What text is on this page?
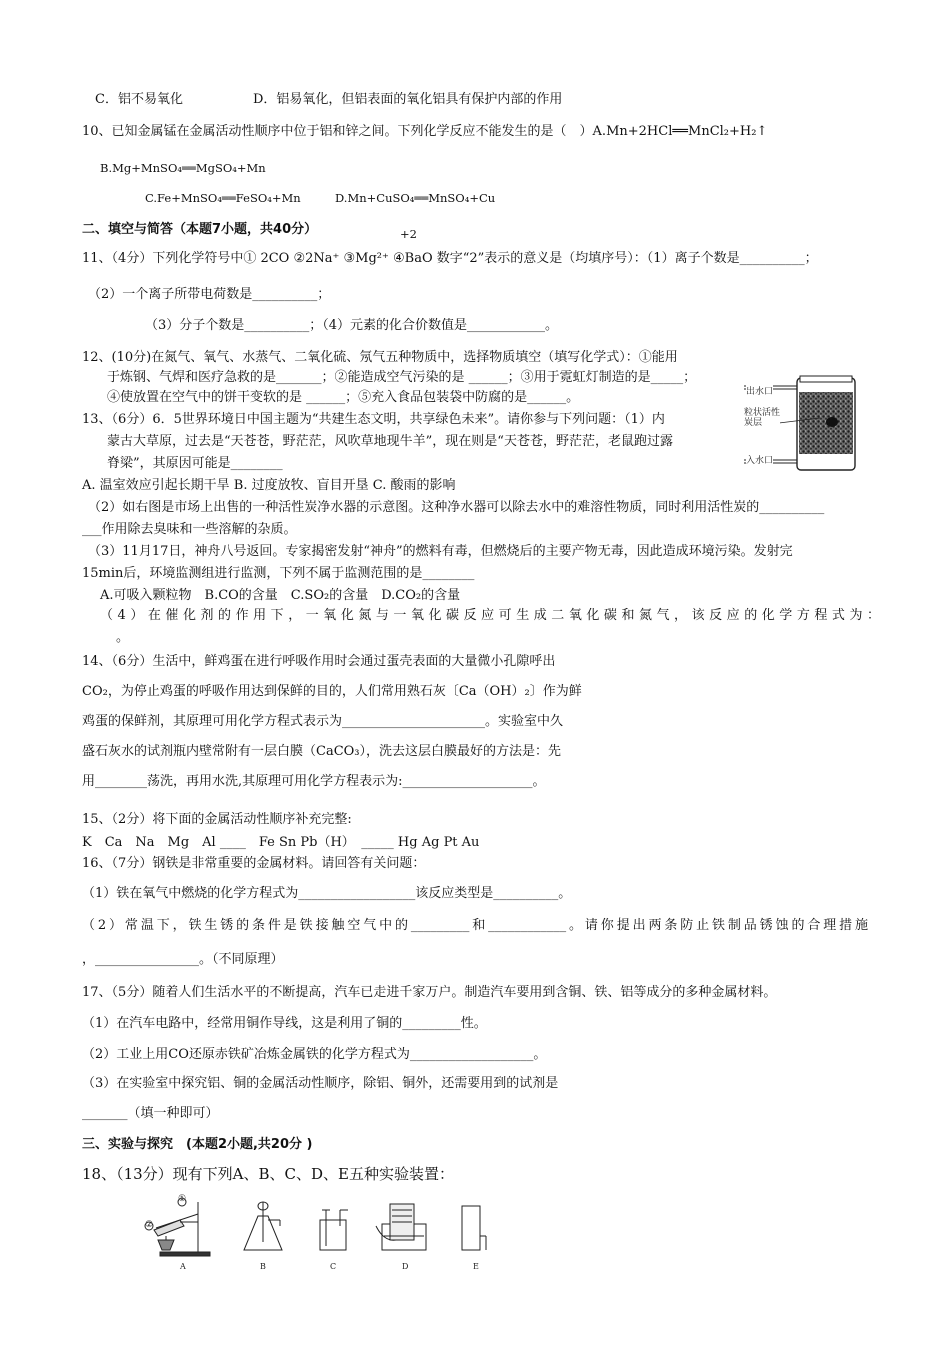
C．铝不易氧化	D．铝易氧化，但铝表面的氧化铝具有保护内部的作用
10、已知金属锰在金属活动性顺序中位于铝和锌之间。下列化学反应不能发生的是（　）A.Mn+2HCl══MnCl₂+H₂↑
B.Mg+MnSO₄══MgSO₄+Mn
C.Fe+MnSO₄══FeSO₄+Mn	D.Mn+CuSO₄══MnSO₄+Cu
二、填空与简答（本题7小题，共40分）	+2
11、（4分）下列化学符号中① 2CO ②2Na⁺ ③Mg²⁺ ④BaO 数字“2”表示的意义是（均填序号）：（1）离子个数是__________；
（2）一个离子所带电荷数是__________；
（3）分子个数是__________；（4）元素的化合价数值是____________。
12、(10分)在氮气、氧气、水蒸气、二氧化硫、氖气五种物质中，选择物质填空（填写化学式）：①能用
于炼钢、气焊和医疗急救的是_______；②能造成空气污染的是 ______；③用于霓虹灯制造的是_____；
④使放置在空气中的饼干变软的是 ______；⑤充入食品包装袋中防腐的是______。
13、（6分）6．5世界环境日中国主题为“共建生态文明，共享绿色未来”。请你参与下列问题：（1）内
蒙古大草原，过去是“天苍苍，野茫茫，风吹草地现牛羊”，现在则是“天苍苍，野茫茫，老鼠跑过露
脊梁”，其原因可能是________
A. 温室效应引起长期干旱 B. 过度放牧、盲目开垦 C. 酸雨的影响
（2）如右图是市场上出售的一种活性炭净水器的示意图。这种净水器可以除去水中的难溶性物质，同时利用活性炭的__________
___作用除去臭味和一些溶解的杂质。
（3）11月17日，神舟八号返回。专家揭密发射“神舟”的燃料有毒，但燃烧后的主要产物无毒，因此造成环境污染。发射完
15min后，环境监测组进行监测，下列不属于监测范围的是________
A.可吸入颗粒物　B.CO的含量　C.SO₂的含量　D.CO₂的含量
（4）在催化剂的作用下，一氧化氮与一氧化碳反应可生成二氧化碳和氮气，该反应的化学方程式为：
。
出水口
粒状活性炭层
入水口
14、（6分）生活中，鲜鸡蛋在进行呼吸作用时会通过蛋壳表面的大量微小孔隙呼出
CO₂，为停止鸡蛋的呼吸作用达到保鲜的目的，人们常用熟石灰〔Ca（OH）₂〕作为鲜
鸡蛋的保鲜剂，其原理可用化学方程式表示为______________________。实验室中久
盛石灰水的试剂瓶内壁常附有一层白膜（CaCO₃），洗去这层白膜最好的方法是：先
用________荡洗，再用水洗,其原理可用化学方程表示为:____________________。
15、（2分）将下面的金属活动性顺序补充完整:
K　Ca　Na　Mg　Al ____　Fe Sn Pb（H）　_____ Hg Ag Pt Au
16、（7分）钢铁是非常重要的金属材料。请回答有关问题：
（1）铁在氧气中燃烧的化学方程式为__________________该反应类型是__________。
（2）常温下，铁生锈的条件是铁接触空气中的_________和____________。请你提出两条防止铁制品锈蚀的合理措施
，________________。（不同原理）
17、（5分）随着人们生活水平的不断提高，汽车已走进千家万户。制造汽车要用到含铜、铁、铝等成分的多种金属材料。
（1）在汽车电路中，经常用铜作导线，这是利用了铜的_________性。
（2）工业上用CO还原赤铁矿冶炼金属铁的化学方程式为___________________。
（3）在实验室中探究铝、铜的金属活动性顺序，除铝、铜外，还需要用到的试剂是
_______（填一种即可）
三、实验与探究　(本题2小题,共20分 )
18、（13分）现有下列A、B、C、D、E五种实验装置：
A	B	C	D	E
①
②
